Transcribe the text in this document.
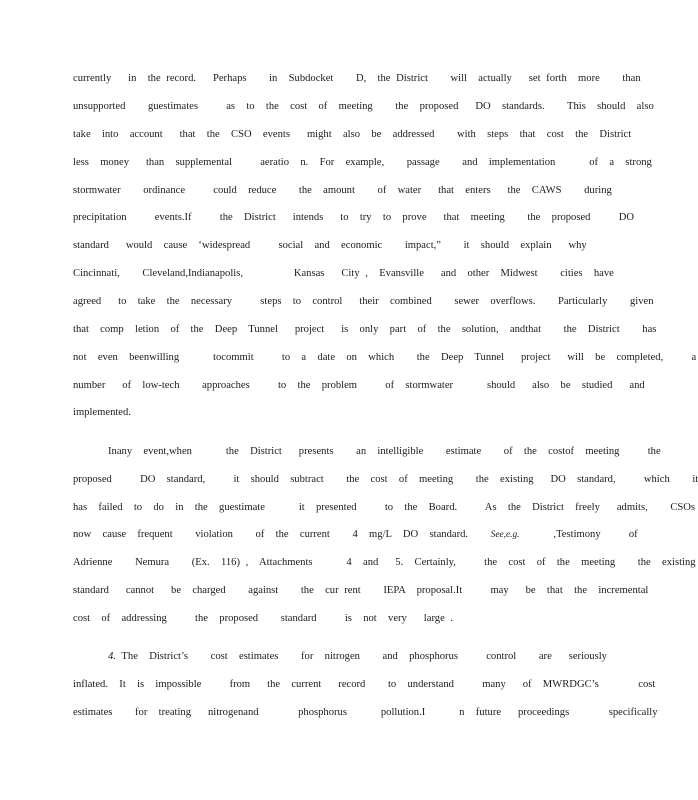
currently   in  the record.   Perhaps    in  Subdocket    D,  the District    will  actually   set forth  more    than
unsupported    guestimates     as  to  the  cost  of  meeting    the  proposed   DO  standards.    This  should  also
take  into  account   that  the  CSO  events   might  also  be  addressed    with  steps  that  cost  the  District
less  money   than  supplemental     aeratio  n.  For  example,    passage    and  implementation      of  a  strong
stormwater    ordinance     could  reduce    the  amount    of  water   that  enters   the  CAWS    during
precipitation     events.If     the  District   intends   to  try  to  prove   that  meeting    the  proposed     DO
standard   would  cause  ‘widespread     social  and  economic    impact,”    it  should  explain   why
Cincinnati,    Cleveland,Indianapolis,         Kansas   City ,  Evansville   and  other  Midwest    cities  have
agreed   to  take  the  necessary     steps  to  control   their  combined    sewer  overflows.    Particularly    given
that  comp  letion  of  the  Deep  Tunnel   project   is  only  part  of  the  solution,  andthat    the  District    has
not  even  beenwilling      tocommit     to  a  date  on  which    the  Deep  Tunnel   project   will  be  completed,     a
number   of  low-tech    approaches     to  the  problem     of  stormwater      should   also  be  studied   and
implemented.
Inany  event,when      the  District   presents    an  intelligible    estimate    of  the  costof  meeting     the
proposed     DO  standard,     it  should  subtract    the  cost  of  meeting    the  existing   DO  standard,     which    it
has  failed  to  do  in  the  guestimate      it  presented     to  the  Board.     As  the  District  freely   admits,    CSOs
now  cause  frequent    violation    of  the  current    4  mg/L  DO  standard. See,e.g.	,Testimony     of
Adrienne    Nemura    (Ex.  116) ,  Attachments      4  and   5.  Certainly,     the  cost  of  the  meeting    the  existing
standard   cannot   be  charged    against    the  cur rent    IEPA  proposal.It     may   be  that  the  incremental
cost  of  addressing     the  proposed    standard     is  not  very   large .
4. The  District’s    cost  estimates    for  nitrogen    and  phosphorus     control    are   seriously
inflated.  It  is  impossible     from   the  current   record    to  understand     many   of  MWRDGC’s       cost
estimates    for  treating   nitrogenand       phosphorus      pollution.I      n  future   proceedings       specifically
